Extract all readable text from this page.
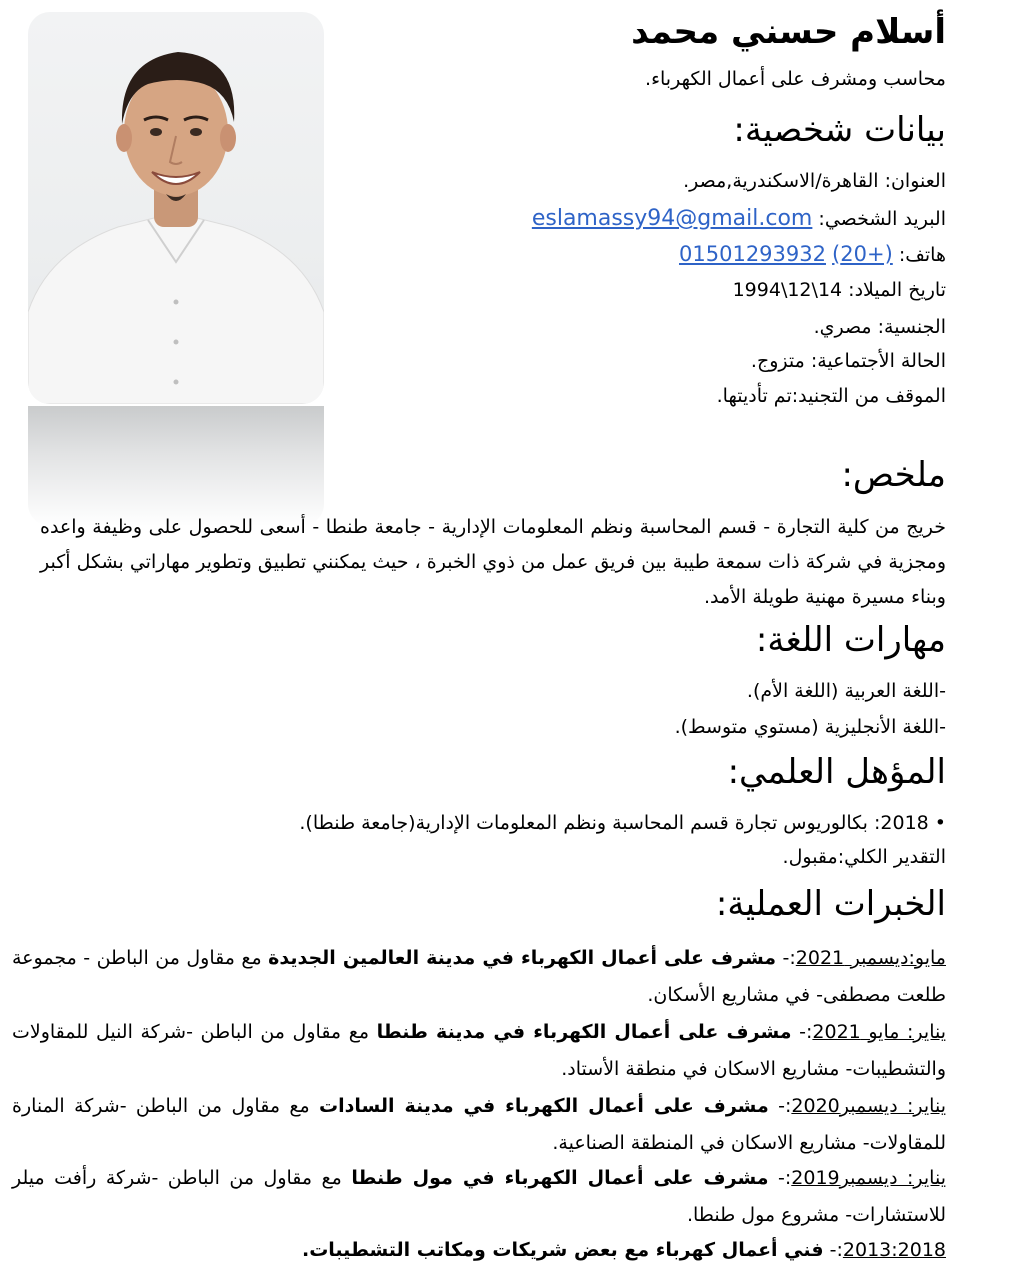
أسلام حسني محمد
محاسب ومشرف على أعمال الكهرباء.
بيانات شخصية:
العنوان: القاهرة/الاسكندرية,مصر.
البريد الشخصي: eslamassy94@gmail.com
هاتف: (+20) 01501293932
تاريخ الميلاد: 14\12\1994
الجنسية: مصري.
الحالة الأجتماعية: متزوج.
الموقف من التجنيد:تم تأديتها.
ملخص:
خريج من كلية التجارة - قسم المحاسبة ونظم المعلومات الإدارية - جامعة طنطا - أسعى للحصول على وظيفة واعده ومجزية في شركة ذات سمعة طيبة بين فريق عمل من ذوي الخبرة ، حيث يمكنني تطبيق وتطوير مهاراتي بشكل أكبر وبناء مسيرة مهنية طويلة الأمد.
مهارات اللغة:
-اللغة العربية (اللغة الأم).
-اللغة الأنجليزية (مستوي متوسط).
المؤهل العلمي:
• 2018: بكالوريوس تجارة قسم المحاسبة ونظم المعلومات الإدارية(جامعة طنطا).
التقدير الكلي:مقبول.
الخبرات العملية:
مايو:ديسمبر 2021:- مشرف على أعمال الكهرباء في مدينة العالمين الجديدة مع مقاول من الباطن - مجموعة طلعت مصطفى- في مشاريع الأسكان.
يناير: مايو 2021:- مشرف على أعمال الكهرباء في مدينة طنطا مع مقاول من الباطن -شركة النيل للمقاولات والتشطيبات- مشاريع الاسكان في منطقة الأستاد.
يناير: ديسمبر2020:- مشرف على أعمال الكهرباء في مدينة السادات مع مقاول من الباطن -شركة المنارة للمقاولات- مشاريع الاسكان في المنطقة الصناعية.
يناير: ديسمبر2019:- مشرف على أعمال الكهرباء في مول طنطا مع مقاول من الباطن -شركة رأفت ميلر للاستشارات- مشروع مول طنطا.
2013:2018:- فني أعمال كهرباء مع بعض شريكات ومكاتب التشطيبات.
